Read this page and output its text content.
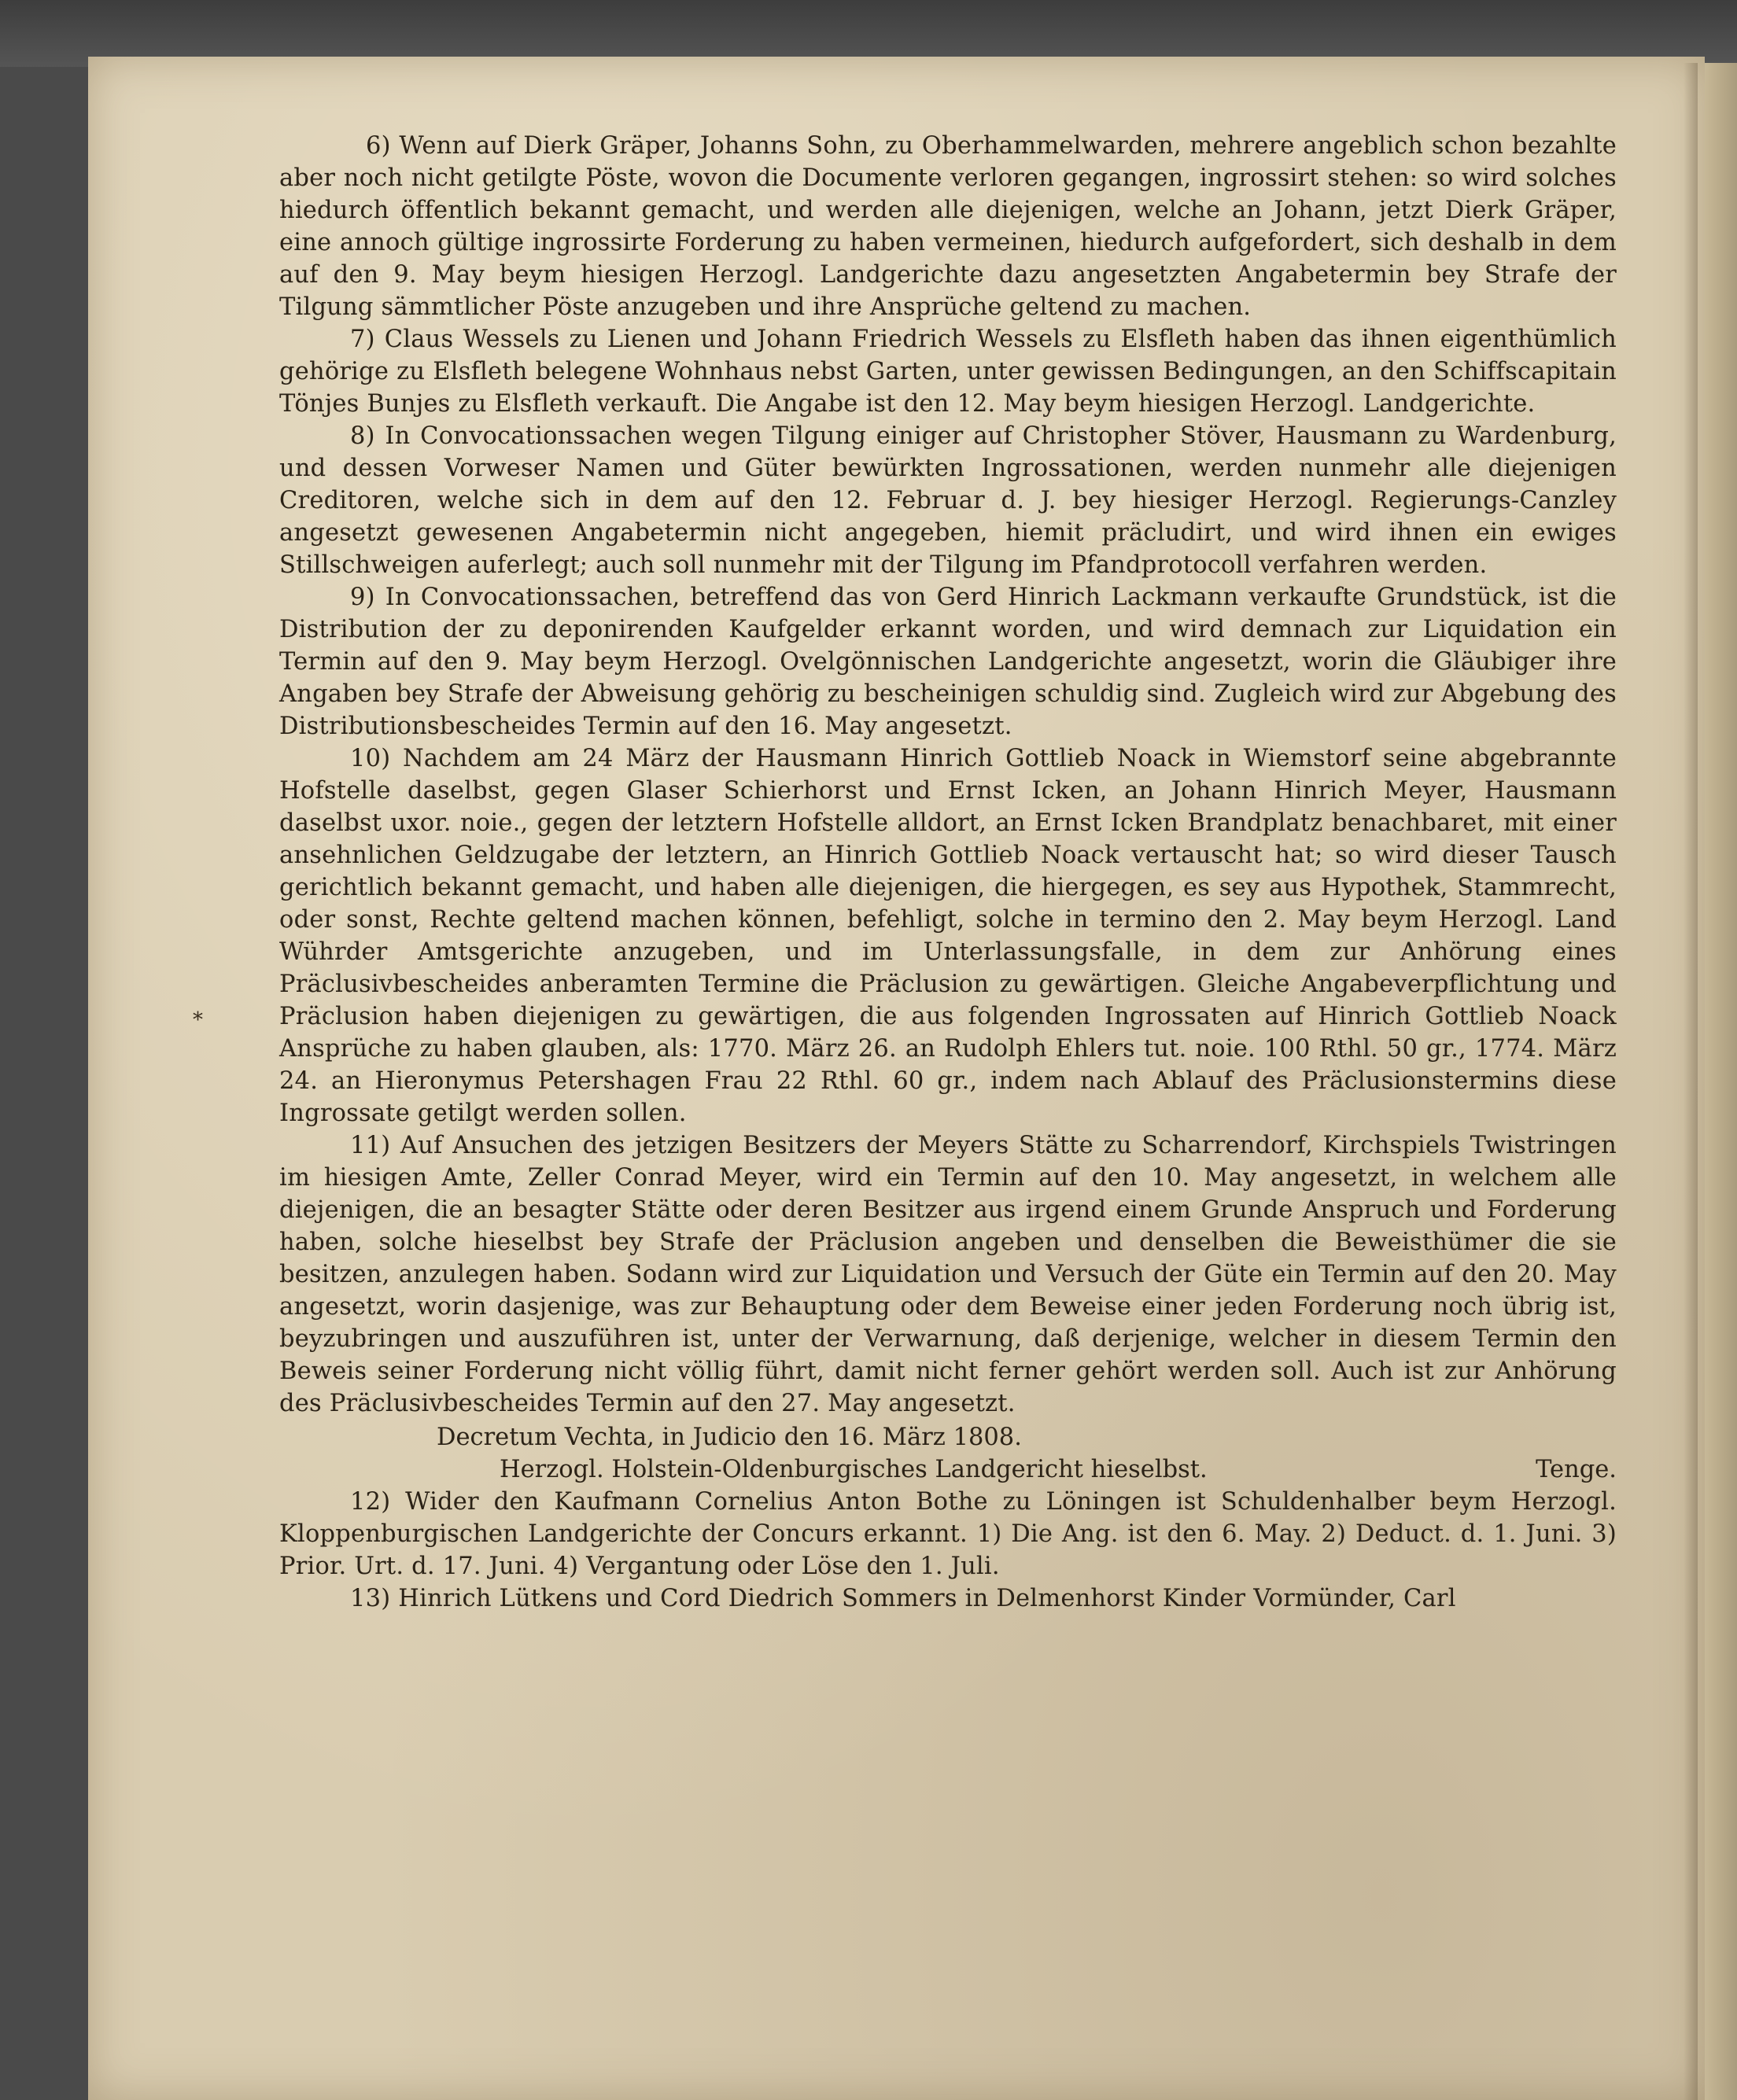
*

6) Wenn auf Dierk Gräper, Johanns Sohn, zu Oberhammelwarden, mehrere angeblich schon bezahlte aber noch nicht getilgte Pöste, wovon die Documente verloren gegangen, ingrossirt stehen: so wird solches hiedurch öffentlich bekannt gemacht, und werden alle diejenigen, welche an Johann, jetzt Dierk Gräper, eine annoch gültige ingrossirte Forderung zu haben vermeinen, hiedurch aufgefordert, sich deshalb in dem auf den 9. May beym hiesigen Herzogl. Landgerichte dazu angesetzten Angabetermin bey Strafe der Tilgung sämmtlicher Pöste anzugeben und ihre Ansprüche geltend zu machen.

7) Claus Wessels zu Lienen und Johann Friedrich Wessels zu Elsfleth haben das ihnen eigenthümlich gehörige zu Elsfleth belegene Wohnhaus nebst Garten, unter gewissen Bedingungen, an den Schiffscapitain Tönjes Bunjes zu Elsfleth verkauft. Die Angabe ist den 12. May beym hiesigen Herzogl. Landgerichte.

8) In Convocationssachen wegen Tilgung einiger auf Christopher Stöver, Hausmann zu Wardenburg, und dessen Vorweser Namen und Güter bewürkten Ingrossationen, werden nunmehr alle diejenigen Creditoren, welche sich in dem auf den 12. Februar d. J. bey hiesiger Herzogl. Regierungs-Canzley angesetzt gewesenen Angabetermin nicht angegeben, hiemit präcludirt, und wird ihnen ein ewiges Stillschweigen auferlegt; auch soll nunmehr mit der Tilgung im Pfandprotocoll verfahren werden.

9) In Convocationssachen, betreffend das von Gerd Hinrich Lackmann verkaufte Grundstück, ist die Distribution der zu deponirenden Kaufgelder erkannt worden, und wird demnach zur Liquidation ein Termin auf den 9. May beym Herzogl. Ovelgönnischen Landgerichte angesetzt, worin die Gläubiger ihre Angaben bey Strafe der Abweisung gehörig zu bescheinigen schuldig sind. Zugleich wird zur Abgebung des Distributionsbescheides Termin auf den 16. May angesetzt.

10) Nachdem am 24 März der Hausmann Hinrich Gottlieb Noack in Wiemstorf seine abgebrannte Hofstelle daselbst, gegen Glaser Schierhorst und Ernst Icken, an Johann Hinrich Meyer, Hausmann daselbst uxor. noie., gegen der letztern Hofstelle alldort, an Ernst Icken Brandplatz benachbaret, mit einer ansehnlichen Geldzugabe der letztern, an Hinrich Gottlieb Noack vertauscht hat; so wird dieser Tausch gerichtlich bekannt gemacht, und haben alle diejenigen, die hiergegen, es sey aus Hypothek, Stammrecht, oder sonst, Rechte geltend machen können, befehligt, solche in termino den 2. May beym Herzogl. Land Wührder Amtsgerichte anzugeben, und im Unterlassungsfalle, in dem zur Anhörung eines Präclusivbescheides anberamten Termine die Präclusion zu gewärtigen. Gleiche Angabeverpflichtung und Präclusion haben diejenigen zu gewärtigen, die aus folgenden Ingrossaten auf Hinrich Gottlieb Noack Ansprüche zu haben glauben, als: 1770. März 26. an Rudolph Ehlers tut. noie. 100 Rthl. 50 gr., 1774. März 24. an Hieronymus Petershagen Frau 22 Rthl. 60 gr., indem nach Ablauf des Präclusionstermins diese Ingrossate getilgt werden sollen.

11) Auf Ansuchen des jetzigen Besitzers der Meyers Stätte zu Scharrendorf, Kirchspiels Twistringen im hiesigen Amte, Zeller Conrad Meyer, wird ein Termin auf den 10. May angesetzt, in welchem alle diejenigen, die an besagter Stätte oder deren Besitzer aus irgend einem Grunde Anspruch und Forderung haben, solche hieselbst bey Strafe der Präclusion angeben und denselben die Beweisthümer die sie besitzen, anzulegen haben. Sodann wird zur Liquidation und Versuch der Güte ein Termin auf den 20. May angesetzt, worin dasjenige, was zur Behauptung oder dem Beweise einer jeden Forderung noch übrig ist, beyzubringen und auszuführen ist, unter der Verwarnung, daß derjenige, welcher in diesem Termin den Beweis seiner Forderung nicht völlig führt, damit nicht ferner gehört werden soll. Auch ist zur Anhörung des Präclusivbescheides Termin auf den 27. May angesetzt.

Decretum Vechta, in Judicio den 16. März 1808.

Herzogl. Holstein-Oldenburgisches Landgericht hieselbst.	Tenge.

12) Wider den Kaufmann Cornelius Anton Bothe zu Löningen ist Schuldenhalber beym Herzogl. Kloppenburgischen Landgerichte der Concurs erkannt. 1) Die Ang. ist den 6. May. 2) Deduct. d. 1. Juni. 3) Prior. Urt. d. 17. Juni. 4) Vergantung oder Löse den 1. Juli.

13) Hinrich Lütkens und Cord Diedrich Sommers in Delmenhorst Kinder Vormünder, Carl
